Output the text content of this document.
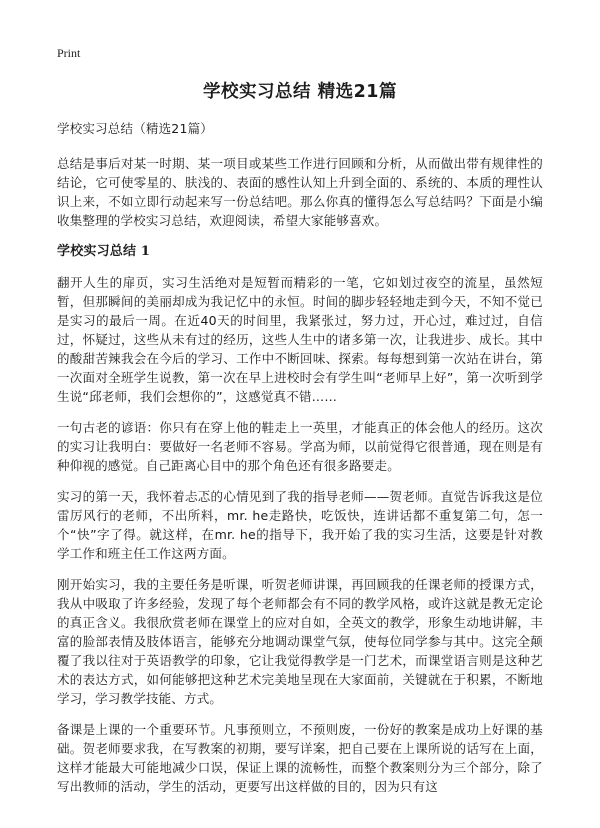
Print
学校实习总结 精选21篇

学校实习总结（精选21篇）

总结是事后对某一时期、某一项目或某些工作进行回顾和分析，从而做出带有规律性的结论，它可使零星的、肤浅的、表面的感性认知上升到全面的、系统的、本质的理性认识上来，不如立即行动起来写一份总结吧。那么你真的懂得怎么写总结吗？下面是小编收集整理的学校实习总结，欢迎阅读，希望大家能够喜欢。

学校实习总结 1

翻开人生的扉页，实习生活绝对是短暂而精彩的一笔，它如划过夜空的流星，虽然短暂，但那瞬间的美丽却成为我记忆中的永恒。时间的脚步轻轻地走到今天，不知不觉已是实习的最后一周。在近40天的时间里，我紧张过，努力过，开心过，难过过，自信过，怀疑过，这些从未有过的经历，这些人生中的诸多第一次，让我进步、成长。其中的酸甜苦辣我会在今后的学习、工作中不断回味、探索。每每想到第一次站在讲台，第一次面对全班学生说教，第一次在早上进校时会有学生叫“老师早上好”，第一次听到学生说“邱老师，我们会想你的”，这感觉真不错……

一句古老的谚语：你只有在穿上他的鞋走上一英里，才能真正的体会他人的经历。这次的实习让我明白：要做好一名老师不容易。学高为师，以前觉得它很普通，现在则是有种仰视的感觉。自己距离心目中的那个角色还有很多路要走。

实习的第一天，我怀着忐忑的心情见到了我的指导老师——贺老师。直觉告诉我这是位雷厉风行的老师，不出所料，mr. he走路快，吃饭快，连讲话都不重复第二句，怎一个“快”字了得。就这样，在mr. he的指导下，我开始了我的实习生活，这要是针对教学工作和班主任工作这两方面。

刚开始实习，我的主要任务是听课，听贺老师讲课，再回顾我的任课老师的授课方式，我从中吸取了许多经验，发现了每个老师都会有不同的教学风格，或许这就是教无定论的真正含义。我很欣赏老师在课堂上的应对自如，全英文的教学，形象生动地讲解，丰富的脸部表情及肢体语言，能够充分地调动课堂气氛，使每位同学参与其中。这完全颠覆了我以往对于英语教学的印象，它让我觉得教学是一门艺术，而课堂语言则是这种艺术的表达方式，如何能够把这种艺术完美地呈现在大家面前，关键就在于积累，不断地学习，学习教学技能、方式。

备课是上课的一个重要环节。凡事预则立，不预则废，一份好的教案是成功上好课的基础。贺老师要求我，在写教案的初期，要写详案，把自己要在上课所说的话写在上面，这样才能最大可能地减少口误，保证上课的流畅性，而整个教案则分为三个部分，除了写出教师的活动，学生的活动，更要写出这样做的目的，因为只有这
